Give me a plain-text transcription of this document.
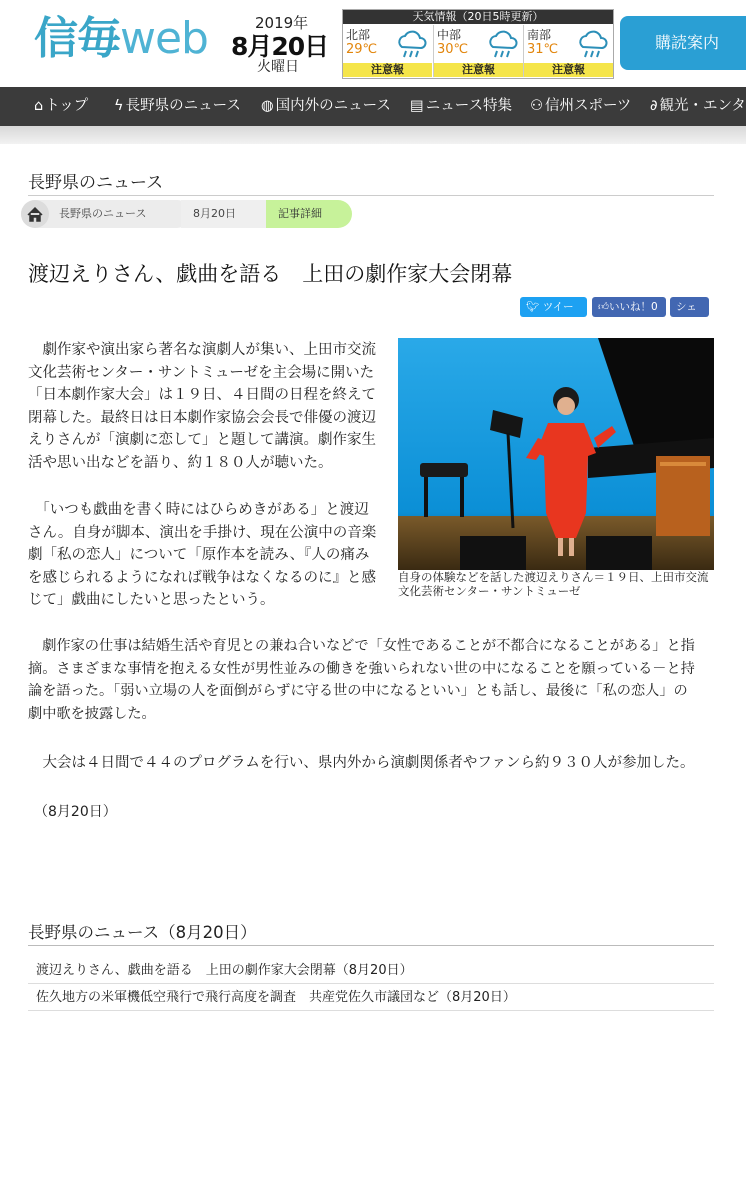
信毎web	2019年
8月20日
火曜日
天気情報（20日5時更新）
北部
29℃
注意報
中部
30℃
注意報
南部
31℃
注意報
購読案内
⌂ トップ ϟ 長野県のニュース ◍ 国内外のニュース ▤ ニュース特集 ⚇ 信州スポーツ ∂ 観光・エンタ
長野県のニュース
長野県のニュース	8月20日	記事詳細
渡辺えりさん、戯曲を語る　上田の劇作家大会閉幕
🐦︎ ツイート
👍︎いいね！0	シェア
　劇作家や演出家ら著名な演劇人が集い、上田市交流
文化芸術センター・サントミューゼを主会場に開いた
「日本劇作家大会」は１９日、４日間の日程を終えて
閉幕した。最終日は日本劇作家協会会長で俳優の渡辺
えりさんが「演劇に恋して」と題して講演。劇作家生
活や思い出などを語り、約１８０人が聴いた。
　「いつも戯曲を書く時にはひらめきがある」と渡辺
さん。自身が脚本、演出を手掛け、現在公演中の音楽
劇「私の恋人」について「原作本を読み、『人の痛み
を感じられるようになれば戦争はなくなるのに』と感
じて」戯曲にしたいと思ったという。
自身の体験などを話した渡辺えりさん＝１９日、上田市交流
文化芸術センター・サントミューゼ
　劇作家の仕事は結婚生活や育児との兼ね合いなどで「女性であることが不都合になることがある」と指
摘。さまざまな事情を抱える女性が男性並みの働きを強いられない世の中になることを願っている－と持
論を語った。「弱い立場の人を面倒がらずに守る世の中になるといい」とも話し、最後に「私の恋人」の
劇中歌を披露した。
　大会は４日間で４４のプログラムを行い、県内外から演劇関係者やファンら約９３０人が参加した。
（8月20日）
長野県のニュース（8月20日）
渡辺えりさん、戯曲を語る　上田の劇作家大会閉幕（8月20日）
佐久地方の米軍機低空飛行で飛行高度を調査　共産党佐久市議団など（8月20日）
